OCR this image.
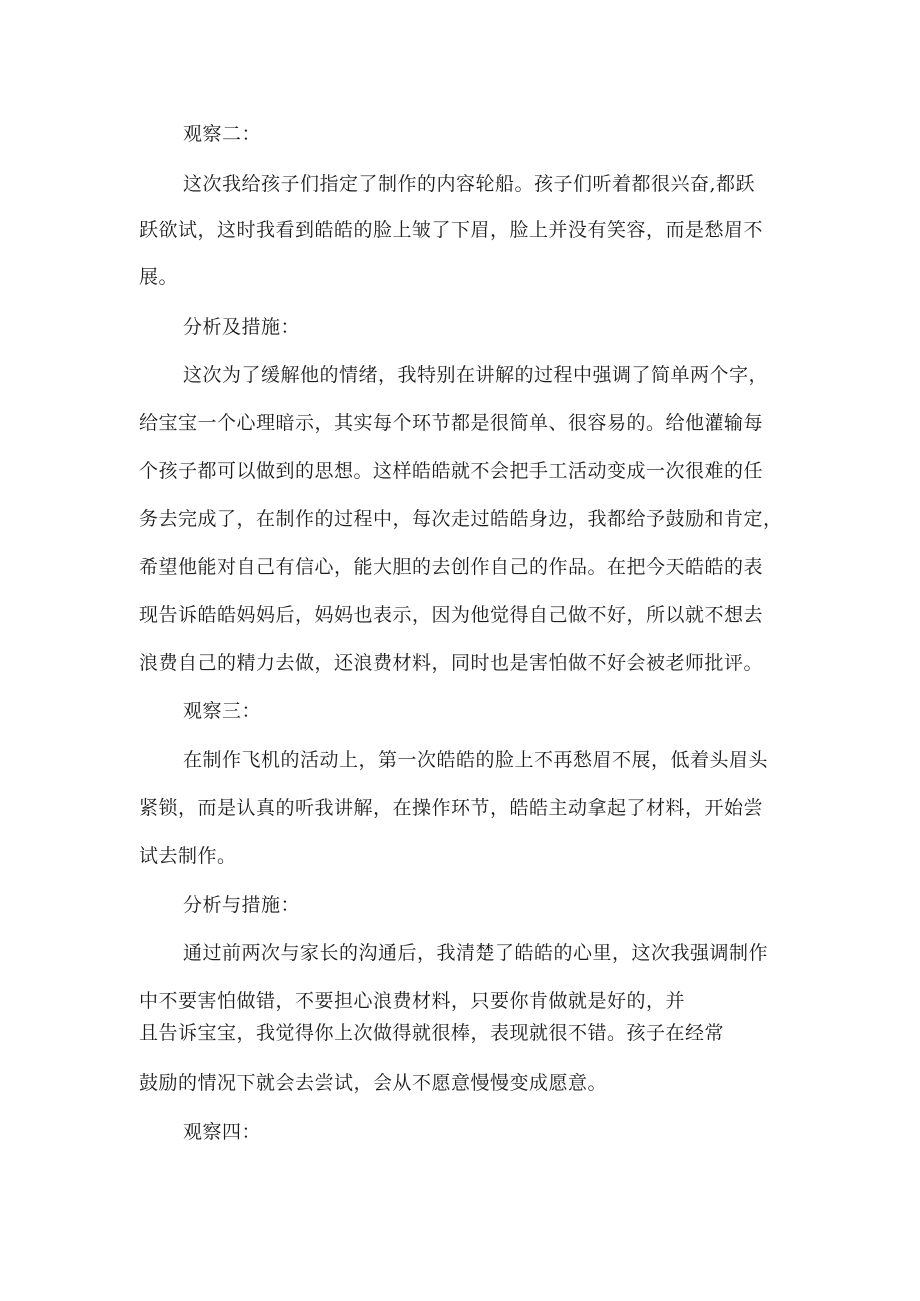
观察二：
这次我给孩子们指定了制作的内容轮船。孩子们听着都很兴奋,都跃
跃欲试，这时我看到皓皓的脸上皱了下眉，脸上并没有笑容，而是愁眉不
展。
分析及措施：
这次为了缓解他的情绪，我特别在讲解的过程中强调了简单两个字，
给宝宝一个心理暗示，其实每个环节都是很简单、很容易的。给他灌输每
个孩子都可以做到的思想。这样皓皓就不会把手工活动变成一次很难的任
务去完成了，在制作的过程中，每次走过皓皓身边，我都给予鼓励和肯定，
希望他能对自己有信心，能大胆的去创作自己的作品。在把今天皓皓的表
现告诉皓皓妈妈后，妈妈也表示，因为他觉得自己做不好，所以就不想去
浪费自己的精力去做，还浪费材料，同时也是害怕做不好会被老师批评。
观察三：
在制作飞机的活动上，第一次皓皓的脸上不再愁眉不展，低着头眉头
紧锁，而是认真的听我讲解，在操作环节，皓皓主动拿起了材料，开始尝
试去制作。
分析与措施：
通过前两次与家长的沟通后，我清楚了皓皓的心里，这次我强调制作
中不要害怕做错，不要担心浪费材料，只要你肯做就是好的，并
且告诉宝宝，我觉得你上次做得就很棒，表现就很不错。孩子在经常
鼓励的情况下就会去尝试，会从不愿意慢慢变成愿意。
观察四：
